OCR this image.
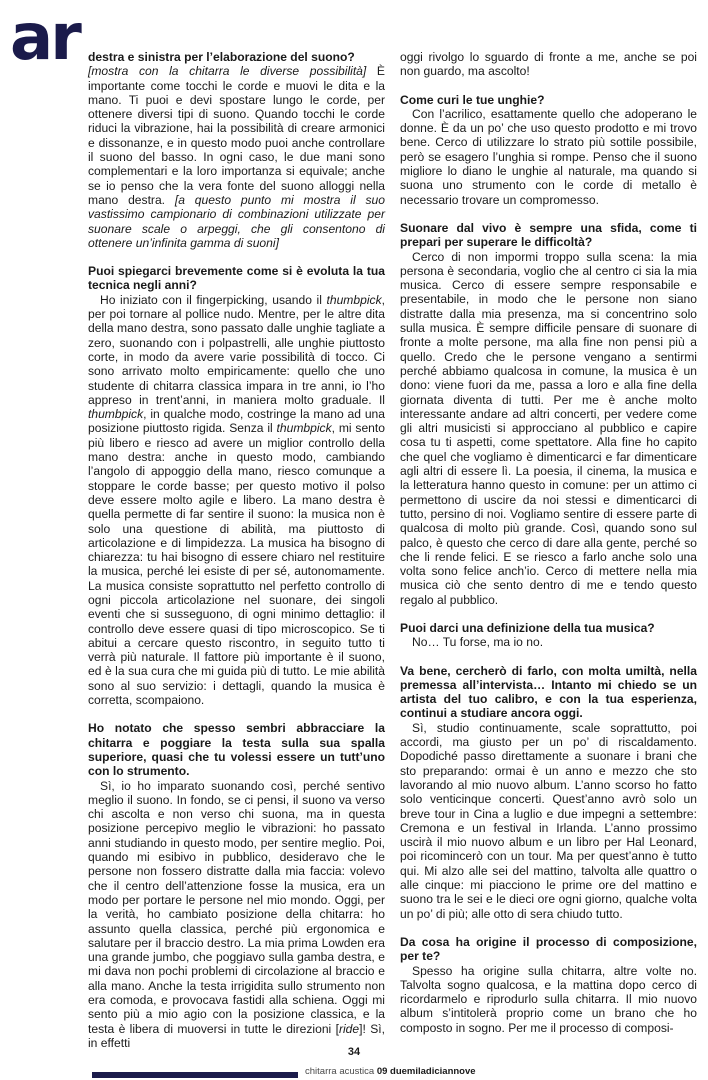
ar destra e sinistra per l’elaborazione del suono?

[mostra con la chitarra le diverse possibilità] È importante come tocchi le corde e muovi le dita e la mano. Ti puoi e devi spostare lungo le corde, per ottenere diversi tipi di suono. Quando tocchi le corde riduci la vibrazione, hai la possibilità di creare armonici e dissonanze, e in questo modo puoi anche controllare il suono del basso. In ogni caso, le due mani sono complementari e la loro importanza si equivale; anche se io penso che la vera fonte del suono alloggi nella mano destra. [a questo punto mi mostra il suo vastissimo campionario di combinazioni utilizzate per suonare scale o arpeggi, che gli consentono di ottenere un’infinita gamma di suoni]

Puoi spiegarci brevemente come si è evoluta la tua tecnica negli anni?

Ho iniziato con il fingerpicking, usando il thumbpick, per poi tornare al pollice nudo. Mentre, per le altre dita della mano destra, sono passato dalle unghie tagliate a zero, suonando con i polpastrelli, alle unghie piuttosto corte, in modo da avere varie possibilità di tocco. Ci sono arrivato molto empiricamente: quello che uno studente di chitarra classica impara in tre anni, io l’ho appreso in trent’anni, in maniera molto graduale. Il thumbpick, in qualche modo, costringe la mano ad una posizione piuttosto rigida. Senza il thumbpick, mi sento più libero e riesco ad avere un miglior controllo della mano destra: anche in questo modo, cambiando l’angolo di appoggio della mano, riesco comunque a stoppare le corde basse; per questo motivo il polso deve essere molto agile e libero. La mano destra è quella permette di far sentire il suono: la musica non è solo una questione di abilità, ma piuttosto di articolazione e di limpidezza. La musica ha bisogno di chiarezza: tu hai bisogno di essere chiaro nel restituire la musica, perché lei esiste di per sé, autonomamente. La musica consiste soprattutto nel perfetto controllo di ogni piccola articolazione nel suonare, dei singoli eventi che si susseguono, di ogni minimo dettaglio: il controllo deve essere quasi di tipo microscopico. Se ti abitui a cercare questo riscontro, in seguito tutto ti verrà più naturale. Il fattore più importante è il suono, ed è la sua cura che mi guida più di tutto. Le mie abilità sono al suo servizio: i dettagli, quando la musica è corretta, scompaiono.

Ho notato che spesso sembri abbracciare la chitarra e poggiare la testa sulla sua spalla superiore, quasi che tu volessi essere un tutt’uno con lo strumento.

Sì, io ho imparato suonando così, perché sentivo meglio il suono. In fondo, se ci pensi, il suono va verso chi ascolta e non verso chi suona, ma in questa posizione percepivo meglio le vibrazioni: ho passato anni studiando in questo modo, per sentire meglio. Poi, quando mi esibivo in pubblico, desideravo che le persone non fossero distratte dalla mia faccia: volevo che il centro dell’attenzione fosse la musica, era un modo per portare le persone nel mio mondo. Oggi, per la verità, ho cambiato posizione della chitarra: ho assunto quella classica, perché più ergonomica e salutare per il braccio destro. La mia prima Lowden era una grande jumbo, che poggiavo sulla gamba destra, e mi dava non pochi problemi di circolazione al braccio e alla mano. Anche la testa irrigidita sullo strumento non era comoda, e provocava fastidi alla schiena. Oggi mi sento più a mio agio con la posizione classica, e la testa è libera di muoversi in tutte le direzioni [ride]! Sì, in effetti

oggi rivolgo lo sguardo di fronte a me, anche se poi non guardo, ma ascolto!

Come curi le tue unghie?

Con l’acrilico, esattamente quello che adoperano le donne. È da un po’ che uso questo prodotto e mi trovo bene. Cerco di utilizzare lo strato più sottile possibile, però se esagero l’unghia si rompe. Penso che il suono migliore lo diano le unghie al naturale, ma quando si suona uno strumento con le corde di metallo è necessario trovare un compromesso.

Suonare dal vivo è sempre una sfida, come ti prepari per superare le difficoltà?

Cerco di non impormi troppo sulla scena: la mia persona è secondaria, voglio che al centro ci sia la mia musica. Cerco di essere sempre responsabile e presentabile, in modo che le persone non siano distratte dalla mia presenza, ma si concentrino solo sulla musica. È sempre difficile pensare di suonare di fronte a molte persone, ma alla fine non pensi più a quello. Credo che le persone vengano a sentirmi perché abbiamo qualcosa in comune, la musica è un dono: viene fuori da me, passa a loro e alla fine della giornata diventa di tutti. Per me è anche molto interessante andare ad altri concerti, per vedere come gli altri musicisti si approcciano al pubblico e capire cosa tu ti aspetti, come spettatore. Alla fine ho capito che quel che vogliamo è dimenticarci e far dimenticare agli altri di essere lì. La poesia, il cinema, la musica e la letteratura hanno questo in comune: per un attimo ci permettono di uscire da noi stessi e dimenticarci di tutto, persino di noi. Vogliamo sentire di essere parte di qualcosa di molto più grande. Così, quando sono sul palco, è questo che cerco di dare alla gente, perché so che li rende felici. E se riesco a farlo anche solo una volta sono felice anch’io. Cerco di mettere nella mia musica ciò che sento dentro di me e tendo questo regalo al pubblico.

Puoi darci una definizione della tua musica?

No… Tu forse, ma io no.

Va bene, cercherò di farlo, con molta umiltà, nella premessa all’intervista… Intanto mi chiedo se un artista del tuo calibro, e con la tua esperienza, continui a studiare ancora oggi.

Sì, studio continuamente, scale soprattutto, poi accordi, ma giusto per un po’ di riscaldamento. Dopodiché passo direttamente a suonare i brani che sto preparando: ormai è un anno e mezzo che sto lavorando al mio nuovo album. L’anno scorso ho fatto solo venticinque concerti. Quest’anno avrò solo un breve tour in Cina a luglio e due impegni a settembre: Cremona e un festival in Irlanda. L’anno prossimo uscirà il mio nuovo album e un libro per Hal Leonard, poi ricomincerò con un tour. Ma per quest’anno è tutto qui. Mi alzo alle sei del mattino, talvolta alle quattro o alle cinque: mi piacciono le prime ore del mattino e suono tra le sei e le dieci ore ogni giorno, qualche volta un po’ di più; alle otto di sera chiudo tutto.

Da cosa ha origine il processo di composizione, per te?

Spesso ha origine sulla chitarra, altre volte no. Talvolta sogno qualcosa, e la mattina dopo cerco di ricordarmelo e riprodurlo sulla chitarra. Il mio nuovo album s’intitolerà proprio come un brano che ho composto in sogno. Per me il processo di composi-

34
chitarra acustica 09 duemiladiciannove
